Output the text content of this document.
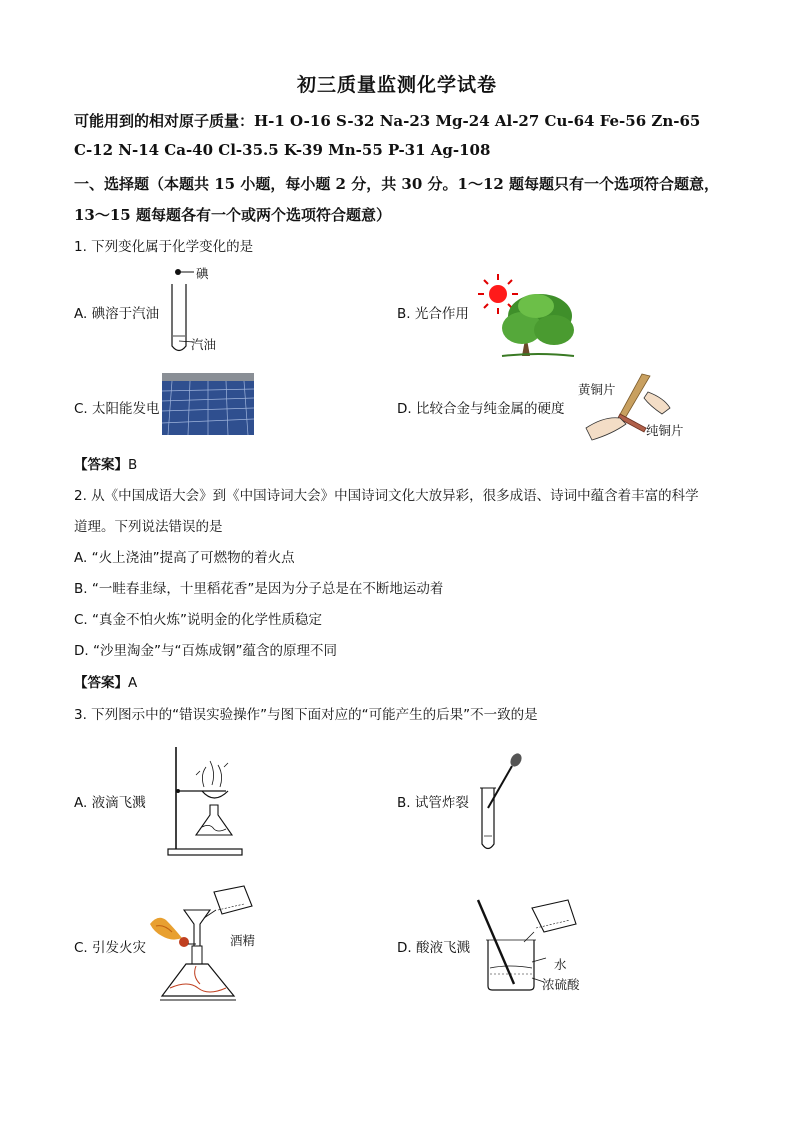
初三质量监测化学试卷
可能用到的相对原子质量：H-1 O-16 S-32 Na-23 Mg-24 Al-27 Cu-64 Fe-56 Zn-65
C-12 N-14 Ca-40 Cl-35.5 K-39 Mn-55 P-31 Ag-108
一、选择题（本题共 15 小题，每小题 2 分，共 30 分。1～12 题每题只有一个选项符合题意，
13～15 题每题各有一个或两个选项符合题意）
1. 下列变化属于化学变化的是
A. 碘溶于汽油
碘
汽油
B. 光合作用
C. 太阳能发电	D. 比较合金与纯金属的硬度
黄铜片
纯铜片
【答案】B
2. 从《中国成语大会》到《中国诗词大会》中国诗词文化大放异彩，很多成语、诗词中蕴含着丰富的科学
道理。下列说法错误的是
A. “火上浇油”提高了可燃物的着火点
B. “一畦春韭绿，十里稻花香”是因为分子总是在不断地运动着
C. “真金不怕火炼”说明金的化学性质稳定
D. “沙里淘金”与“百炼成钢”蕴含的原理不同
【答案】A
3. 下列图示中的“错误实验操作”与图下面对应的“可能产生的后果”不一致的是
A. 液滴飞溅	B. 试管炸裂
C. 引发火灾	酒精	D. 酸液飞溅
水
浓硫酸
